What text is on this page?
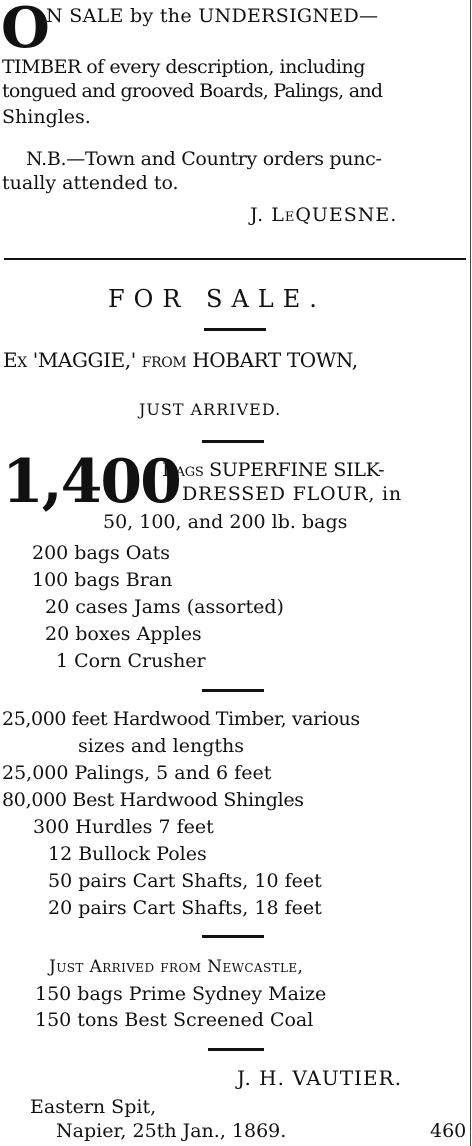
O
N SALE by the UNDERSIGNED—
TIMBER of every description, including
tongued and grooved Boards, Palings, and
Shingles.
N.B.—Town and Country orders punc-
tually attended to.
J. LeQUESNE.
FOR SALE.
Ex 'MAGGIE,' from HOBART TOWN,
JUST ARRIVED.
1,400
Bags SUPERFINE SILK-
DRESSED FLOUR, in
50, 100, and 200 lb. bags
200 bags Oats
100 bags Bran
20 cases Jams (assorted)
20 boxes Apples
1 Corn Crusher
25,000 feet Hardwood Timber, various
sizes and lengths
25,000 Palings, 5 and 6 feet
80,000 Best Hardwood Shingles
300 Hurdles 7 feet
12 Bullock Poles
50 pairs Cart Shafts, 10 feet
20 pairs Cart Shafts, 18 feet
Just Arrived from Newcastle,
150 bags Prime Sydney Maize
150 tons Best Screened Coal
J. H. VAUTIER.
Eastern Spit,
Napier, 25th Jan., 1869.	460
